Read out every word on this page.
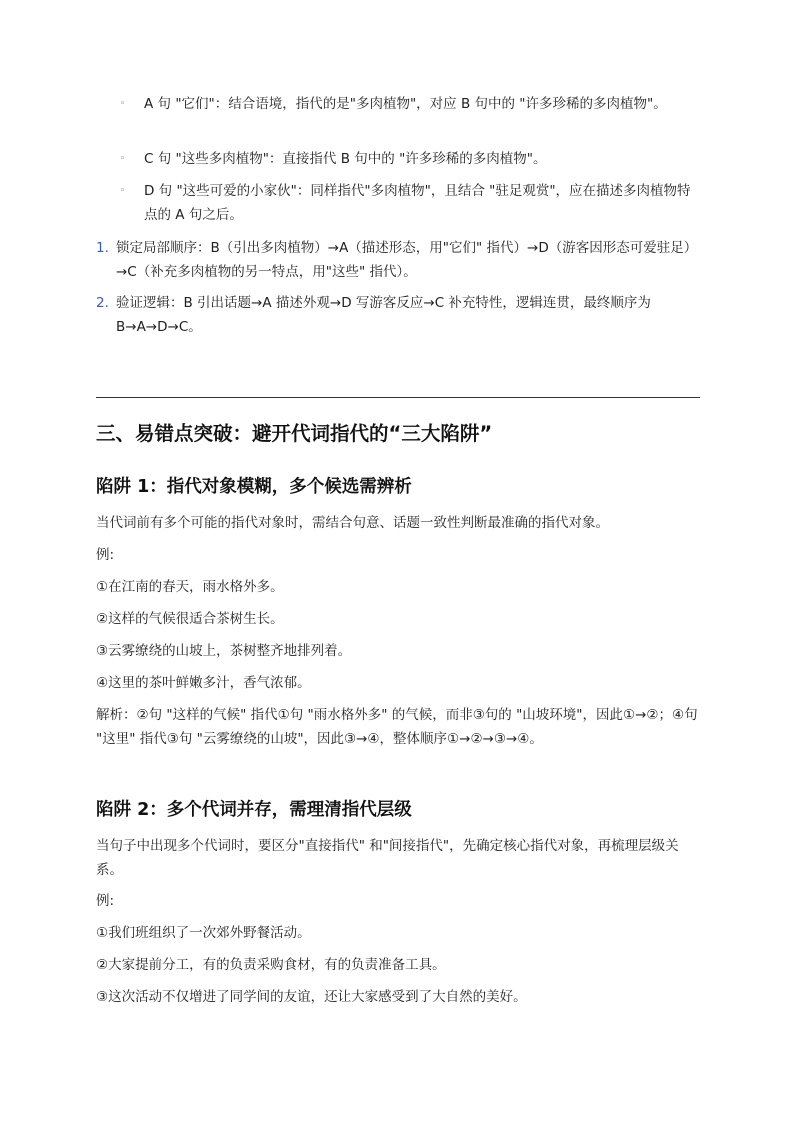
◦ A 句 "它们"：结合语境，指代的是"多肉植物"，对应 B 句中的 "许多珍稀的多肉植物"。
◦ C 句 "这些多肉植物"：直接指代 B 句中的 "许多珍稀的多肉植物"。
◦ D 句 "这些可爱的小家伙"：同样指代"多肉植物"，且结合 "驻足观赏"，应在描述多肉植物特点的 A 句之后。
1. 锁定局部顺序：B（引出多肉植物）→A（描述形态，用"它们" 指代）→D（游客因形态可爱驻足）→C（补充多肉植物的另一特点，用"这些" 指代）。
2. 验证逻辑：B 引出话题→A 描述外观→D 写游客反应→C 补充特性，逻辑连贯，最终顺序为 B→A→D→C。
三、易错点突破：避开代词指代的“三大陷阱”
陷阱 1：指代对象模糊，多个候选需辨析
当代词前有多个可能的指代对象时，需结合句意、话题一致性判断最准确的指代对象。
例:
①在江南的春天，雨水格外多。
②这样的气候很适合茶树生长。
③云雾缭绕的山坡上，茶树整齐地排列着。
④这里的茶叶鲜嫩多汁，香气浓郁。
解析：②句 "这样的气候" 指代①句 "雨水格外多" 的气候，而非③句的 "山坡环境"，因此①→②；④句 "这里" 指代③句 "云雾缭绕的山坡"，因此③→④，整体顺序①→②→③→④。
陷阱 2：多个代词并存，需理清指代层级
当句子中出现多个代词时，要区分"直接指代" 和"间接指代"，先确定核心指代对象，再梳理层级关系。
例:
①我们班组织了一次郊外野餐活动。
②大家提前分工，有的负责采购食材，有的负责准备工具。
③这次活动不仅增进了同学间的友谊，还让大家感受到了大自然的美好。
